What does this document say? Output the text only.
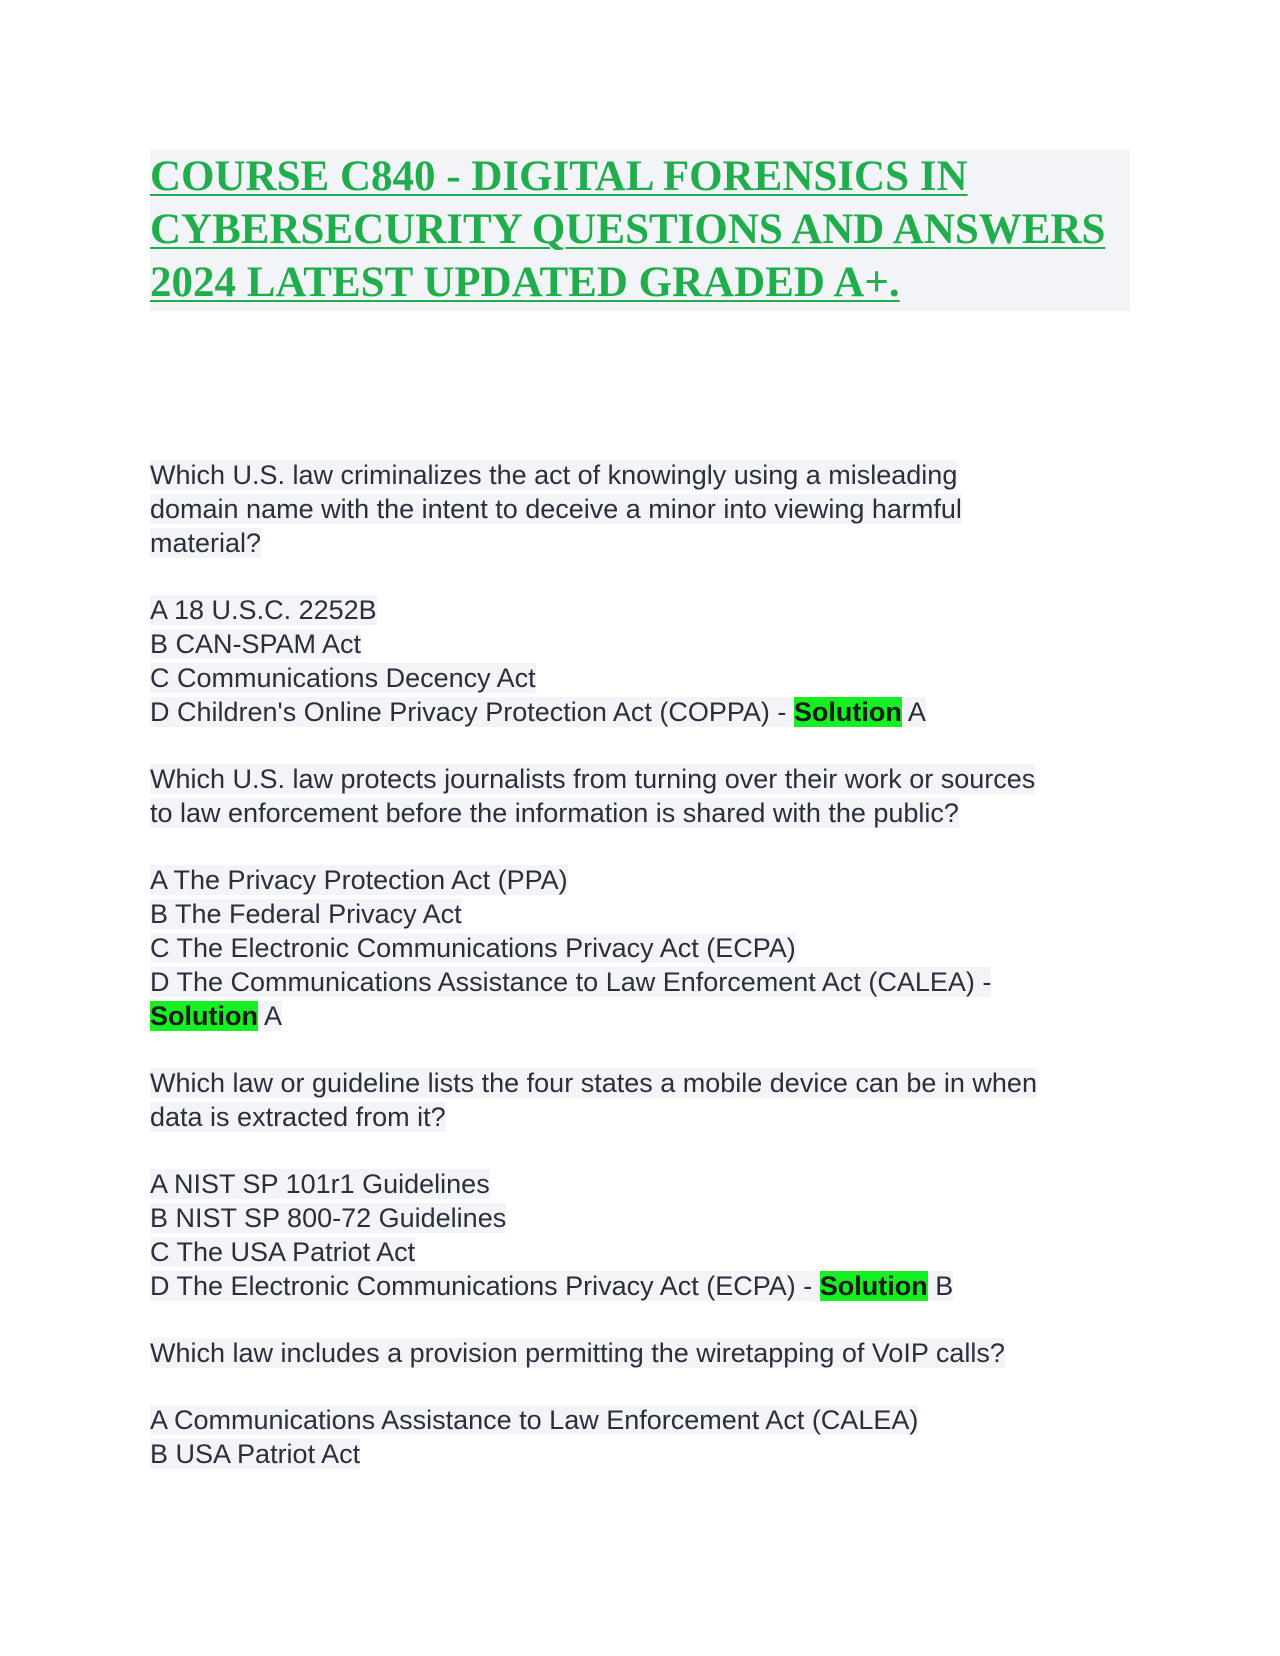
COURSE C840 - DIGITAL FORENSICS IN CYBERSECURITY QUESTIONS AND ANSWERS 2024 LATEST UPDATED GRADED A+.

Which U.S. law criminalizes the act of knowingly using a misleading

domain name with the intent to deceive a minor into viewing harmful

material?

A 18 U.S.C. 2252B

B CAN-SPAM Act

C Communications Decency Act

D Children's Online Privacy Protection Act (COPPA) - Solution A

Which U.S. law protects journalists from turning over their work or sources

to law enforcement before the information is shared with the public?

A The Privacy Protection Act (PPA)

B The Federal Privacy Act

C The Electronic Communications Privacy Act (ECPA)

D The Communications Assistance to Law Enforcement Act (CALEA) -

Solution A

Which law or guideline lists the four states a mobile device can be in when

data is extracted from it?

A NIST SP 101r1 Guidelines

B NIST SP 800-72 Guidelines

C The USA Patriot Act

D The Electronic Communications Privacy Act (ECPA) - Solution B

Which law includes a provision permitting the wiretapping of VoIP calls?

A Communications Assistance to Law Enforcement Act (CALEA)

B USA Patriot Act
